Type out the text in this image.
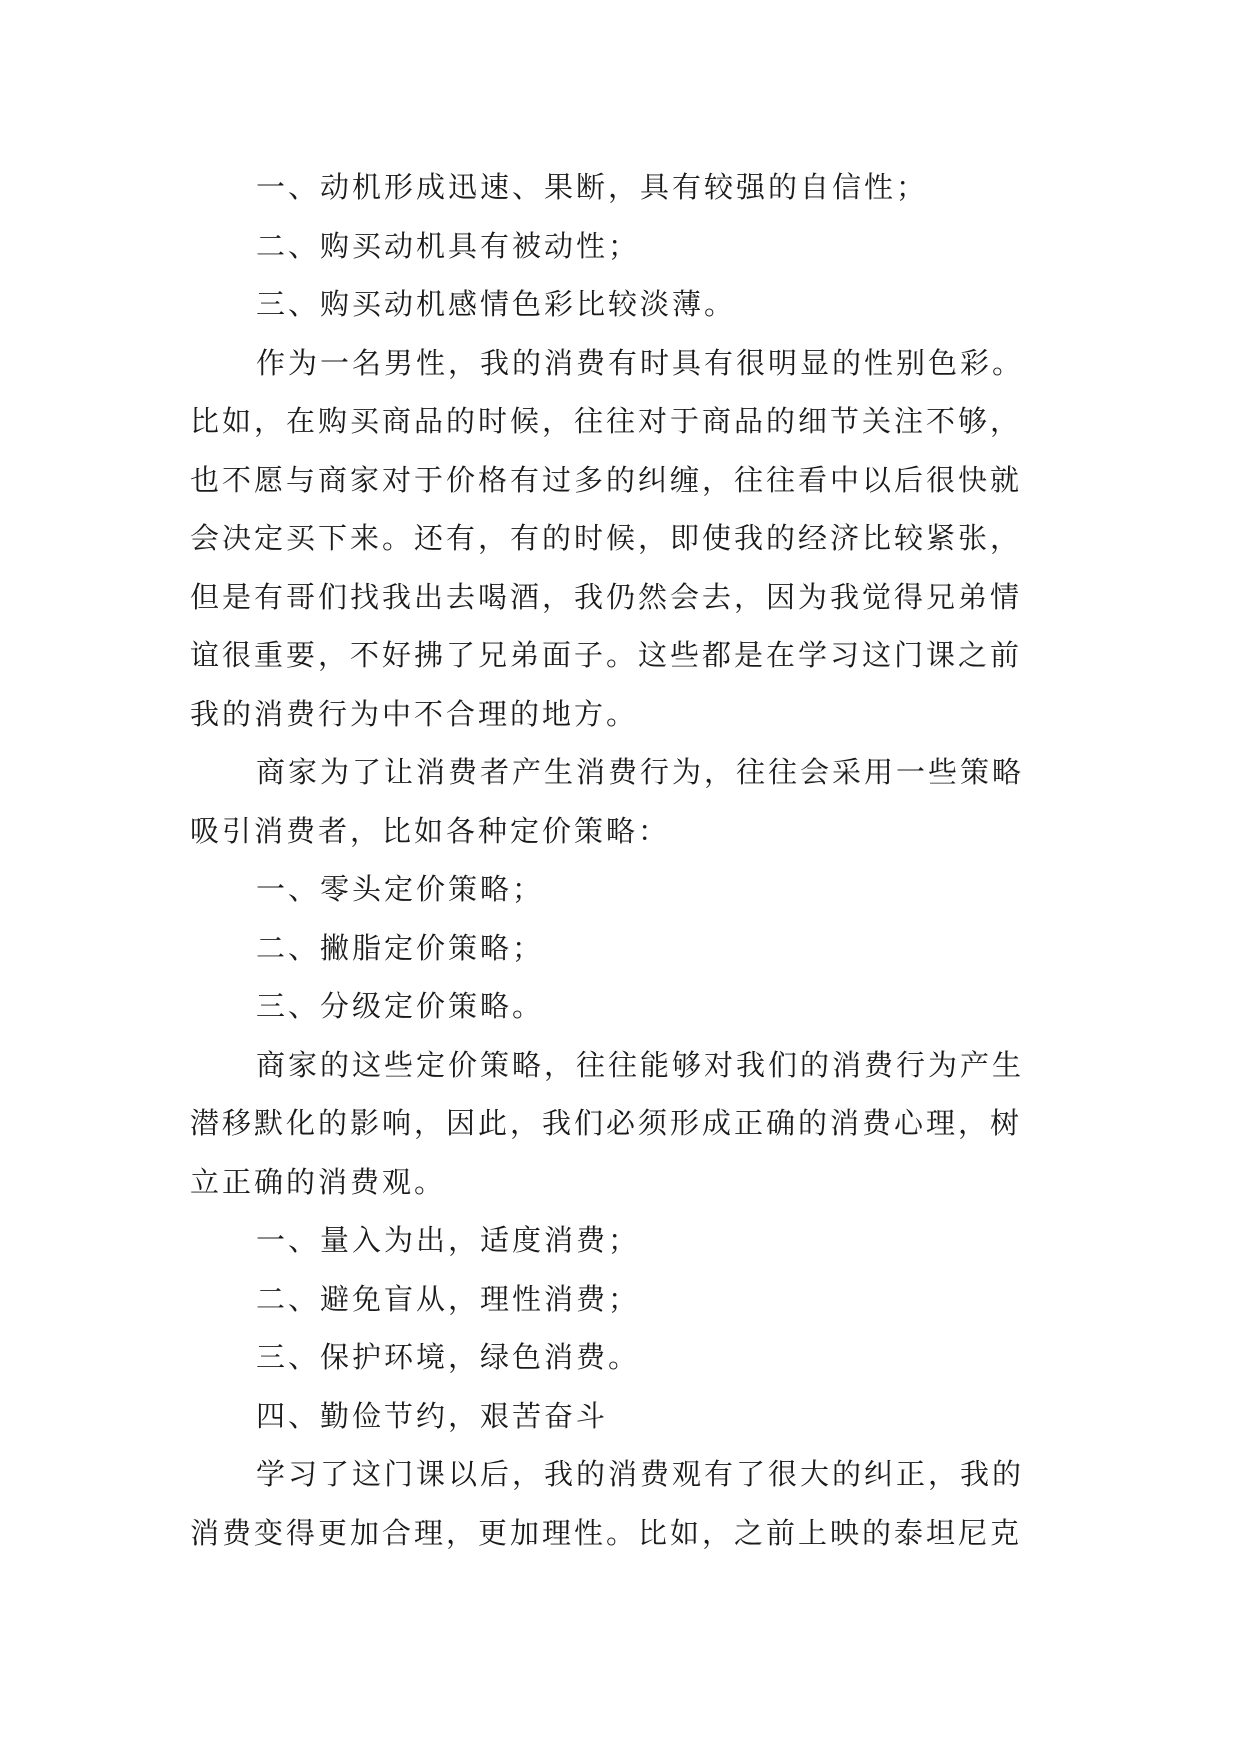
一、动机形成迅速、果断，具有较强的自信性；
二、购买动机具有被动性；
三、购买动机感情色彩比较淡薄。
作为一名男性，我的消费有时具有很明显的性别色彩。
比如，在购买商品的时候，往往对于商品的细节关注不够，
也不愿与商家对于价格有过多的纠缠，往往看中以后很快就
会决定买下来。还有，有的时候，即使我的经济比较紧张，
但是有哥们找我出去喝酒，我仍然会去，因为我觉得兄弟情
谊很重要，不好拂了兄弟面子。这些都是在学习这门课之前
我的消费行为中不合理的地方。
商家为了让消费者产生消费行为，往往会采用一些策略
吸引消费者，比如各种定价策略：
一、零头定价策略；
二、撇脂定价策略；
三、分级定价策略。
商家的这些定价策略，往往能够对我们的消费行为产生
潜移默化的影响，因此，我们必须形成正确的消费心理，树
立正确的消费观。
一、量入为出，适度消费；
二、避免盲从，理性消费；
三、保护环境，绿色消费。
四、勤俭节约，艰苦奋斗
学习了这门课以后，我的消费观有了很大的纠正，我的
消费变得更加合理，更加理性。比如，之前上映的泰坦尼克
